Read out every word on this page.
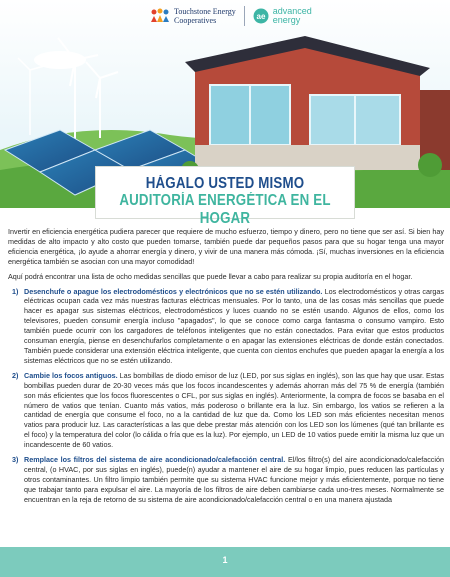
Touchstone Energy
Cooperatives	ae
advanced
energy
HÁGALO USTED MISMO
AUDITORÍA ENERGÉTICA EN EL HOGAR

Invertir en eficiencia energética pudiera parecer que requiere de mucho esfuerzo, tiempo y dinero, pero no tiene que ser así. Si bien hay medidas de alto impacto y alto costo que pueden tomarse, también puede dar pequeños pasos para que su hogar tenga una mayor eficiencia energética, ¡lo ayude a ahorrar energía y dinero, y vivir de una manera más cómoda. ¡Sí, muchas inversiones en la eficiencia energética también se asocian con una mayor comodidad!

Aquí podrá encontrar una lista de ocho medidas sencillas que puede llevar a cabo para realizar su propia auditoría en el hogar.

1) Desenchufe o apague los electrodomésticos y electrónicos que no se estén utilizando. Los electrodomésticos y otras cargas eléctricas ocupan cada vez más nuestras facturas eléctricas mensuales. Por lo tanto, una de las cosas más sencillas que puede hacer es apagar sus sistemas eléctricos, electrodomésticos y luces cuando no se estén usando. Algunos de ellos, como los televisores, pueden consumir energía incluso "apagados", lo que se conoce como carga fantasma o consumo vampiro. Esto también puede ocurrir con los cargadores de teléfonos inteligentes que no están conectados. Para evitar que estos productos consuman energía, piense en desenchufarlos completamente o en apagar las extensiones eléctricas de donde están conectados. También puede considerar una extensión eléctrica inteligente, que cuenta con cientos enchufes que pueden apagar la energía a los sistemas eléctricos que no se estén utilizando.
2) Cambie los focos antiguos. Las bombillas de diodo emisor de luz (LED, por sus siglas en inglés), son las que hay que usar. Estas bombillas pueden durar de 20-30 veces más que los focos incandescentes y además ahorran más del 75 % de energía (también son más eficientes que los focos fluorescentes o CFL, por sus siglas en inglés). Anteriormente, la compra de focos se basaba en el número de vatios que tenían. Cuanto más vatios, más poderoso o brillante era la luz. Sin embargo, los vatios se refieren a la cantidad de energía que consume el foco, no a la cantidad de luz que da. Como los LED son más eficientes necesitan menos vatios para producir luz. Las características a las que debe prestar más atención con los LED son los lúmenes (qué tan brillante es el foco) y la temperatura del color (lo cálida o fría que es la luz). Por ejemplo, un LED de 10 vatios puede emitir la misma luz que un incandescente de 60 vatios.
3) Remplace los filtros del sistema de aire acondicionado/calefacción central. El/los filtro(s) del aire acondicionado/calefacción central, (o HVAC, por sus siglas en inglés), puede(n) ayudar a mantener el aire de su hogar limpio, pues reducen las partículas y otros contaminantes. Un filtro limpio también permite que su sistema HVAC funcione mejor y más eficientemente, porque no tiene que trabajar tanto para expulsar el aire. La mayoría de los filtros de aire deben cambiarse cada uno-tres meses. Normalmente se encuentran en la reja de retorno de su sistema de aire acondicionado/calefacción central o en una manera ajustada
1
